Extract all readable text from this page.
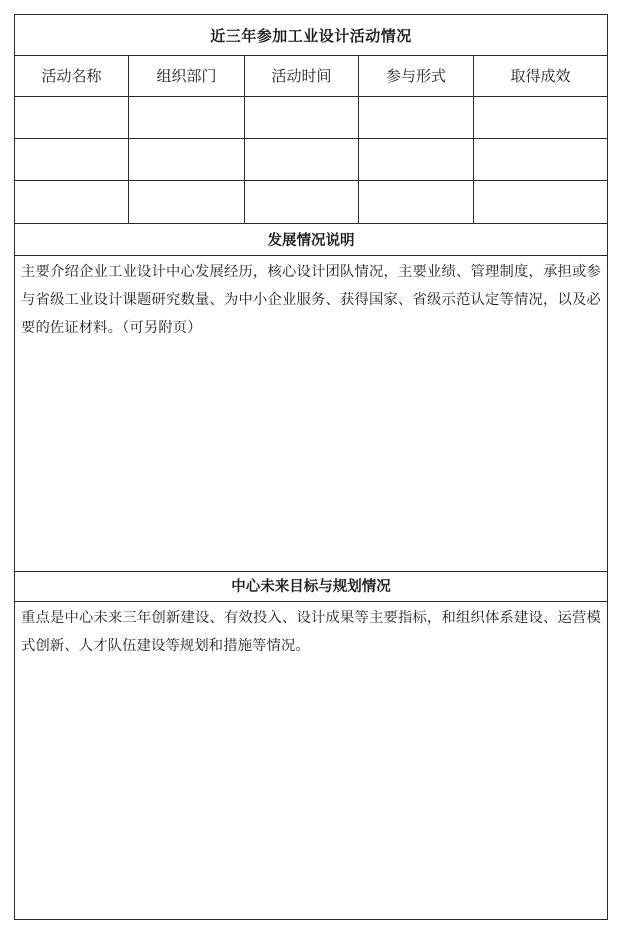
近三年参加工业设计活动情况
活动名称	组织部门	活动时间	参与形式	取得成效
发展情况说明
主要介绍企业工业设计中心发展经历，核心设计团队情况，主要业绩、管理制度，承担或参与省级工业设计课题研究数量、为中小企业服务、获得国家、省级示范认定等情况，以及必要的佐证材料。（可另附页）
中心未来目标与规划情况
重点是中心未来三年创新建设、有效投入、设计成果等主要指标，和组织体系建设、运营模式创新、人才队伍建设等规划和措施等情况。
